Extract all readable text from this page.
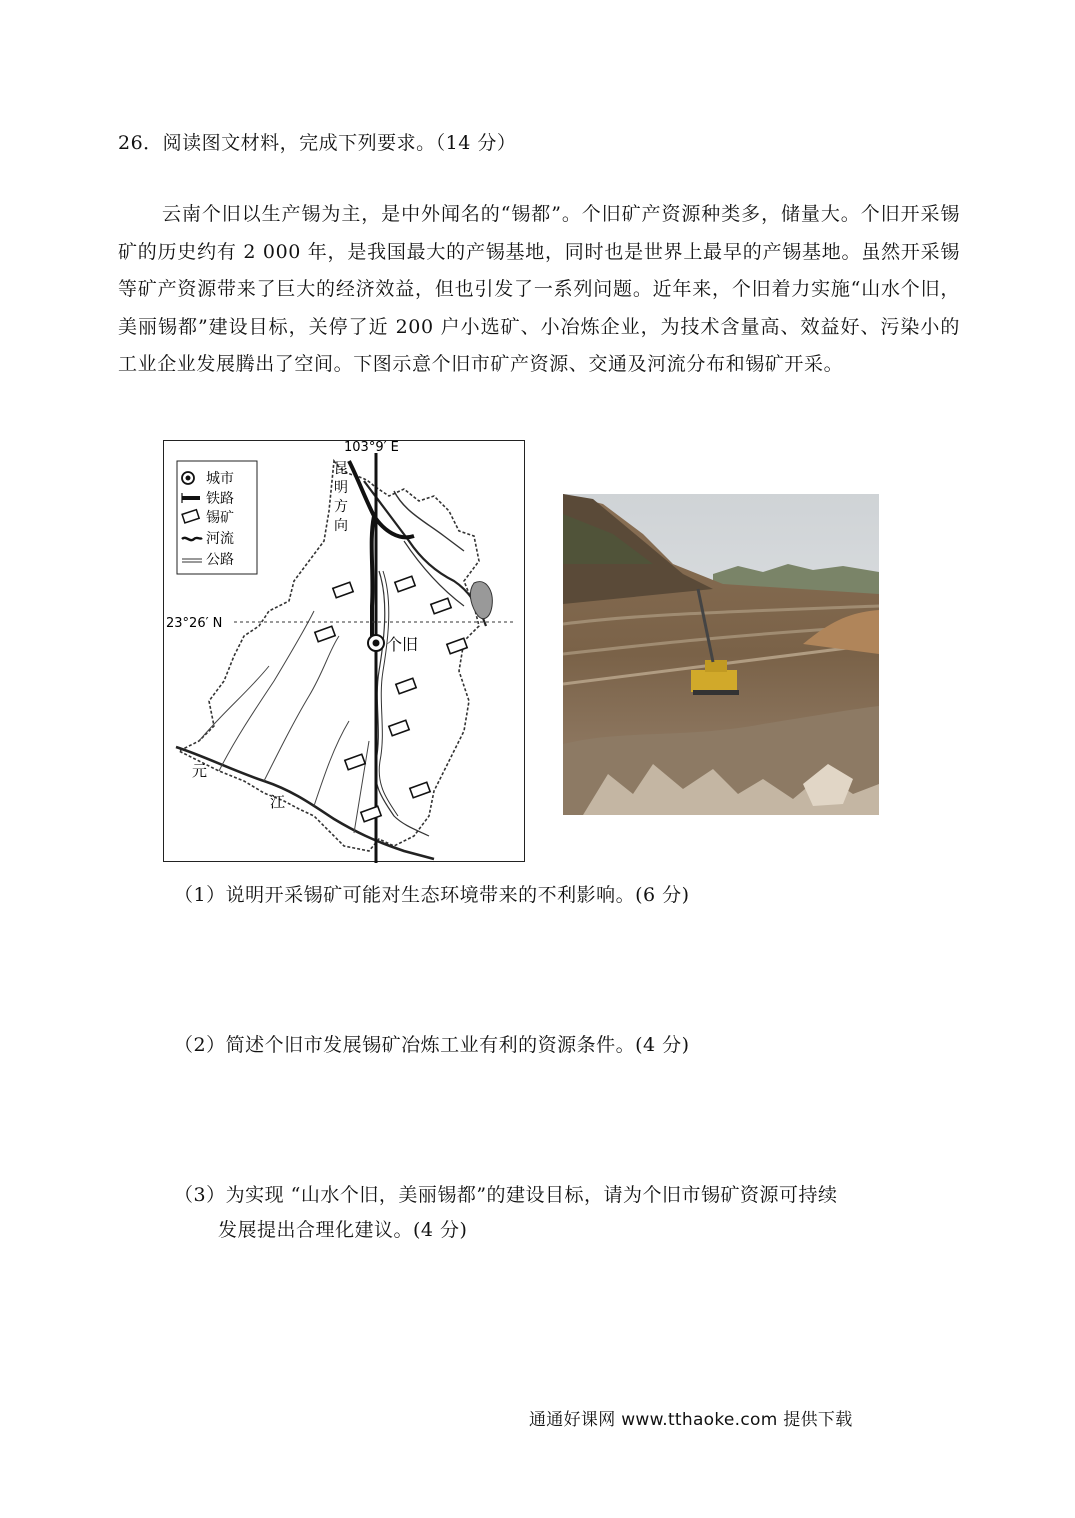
26．阅读图文材料，完成下列要求。（14 分）
云南个旧以生产锡为主，是中外闻名的“锡都”。个旧矿产资源种类多，储量大。个旧开采锡矿的历史约有 2 000 年，是我国最大的产锡基地，同时也是世界上最早的产锡基地。虽然开采锡等矿产资源带来了巨大的经济效益，但也引发了一系列问题。近年来，个旧着力实施“山水个旧，美丽锡都”建设目标，关停了近 200 户小选矿、小冶炼企业，为技术含量高、效益好、污染小的工业企业发展腾出了空间。下图示意个旧市矿产资源、交通及河流分布和锡矿开采。
城市
铁路
锡矿
河流
公路
103°9′ E
23°26′ N
昆
明
方
向
个旧
元
江
（1）说明开采锡矿可能对生态环境带来的不利影响。(6 分)
（2）简述个旧市发展锡矿冶炼工业有利的资源条件。(4 分)
（3）为实现 “山水个旧，美丽锡都”的建设目标，请为个旧市锡矿资源可持续
发展提出合理化建议。(4 分)
通通好课网 www.tthaoke.com 提供下载
